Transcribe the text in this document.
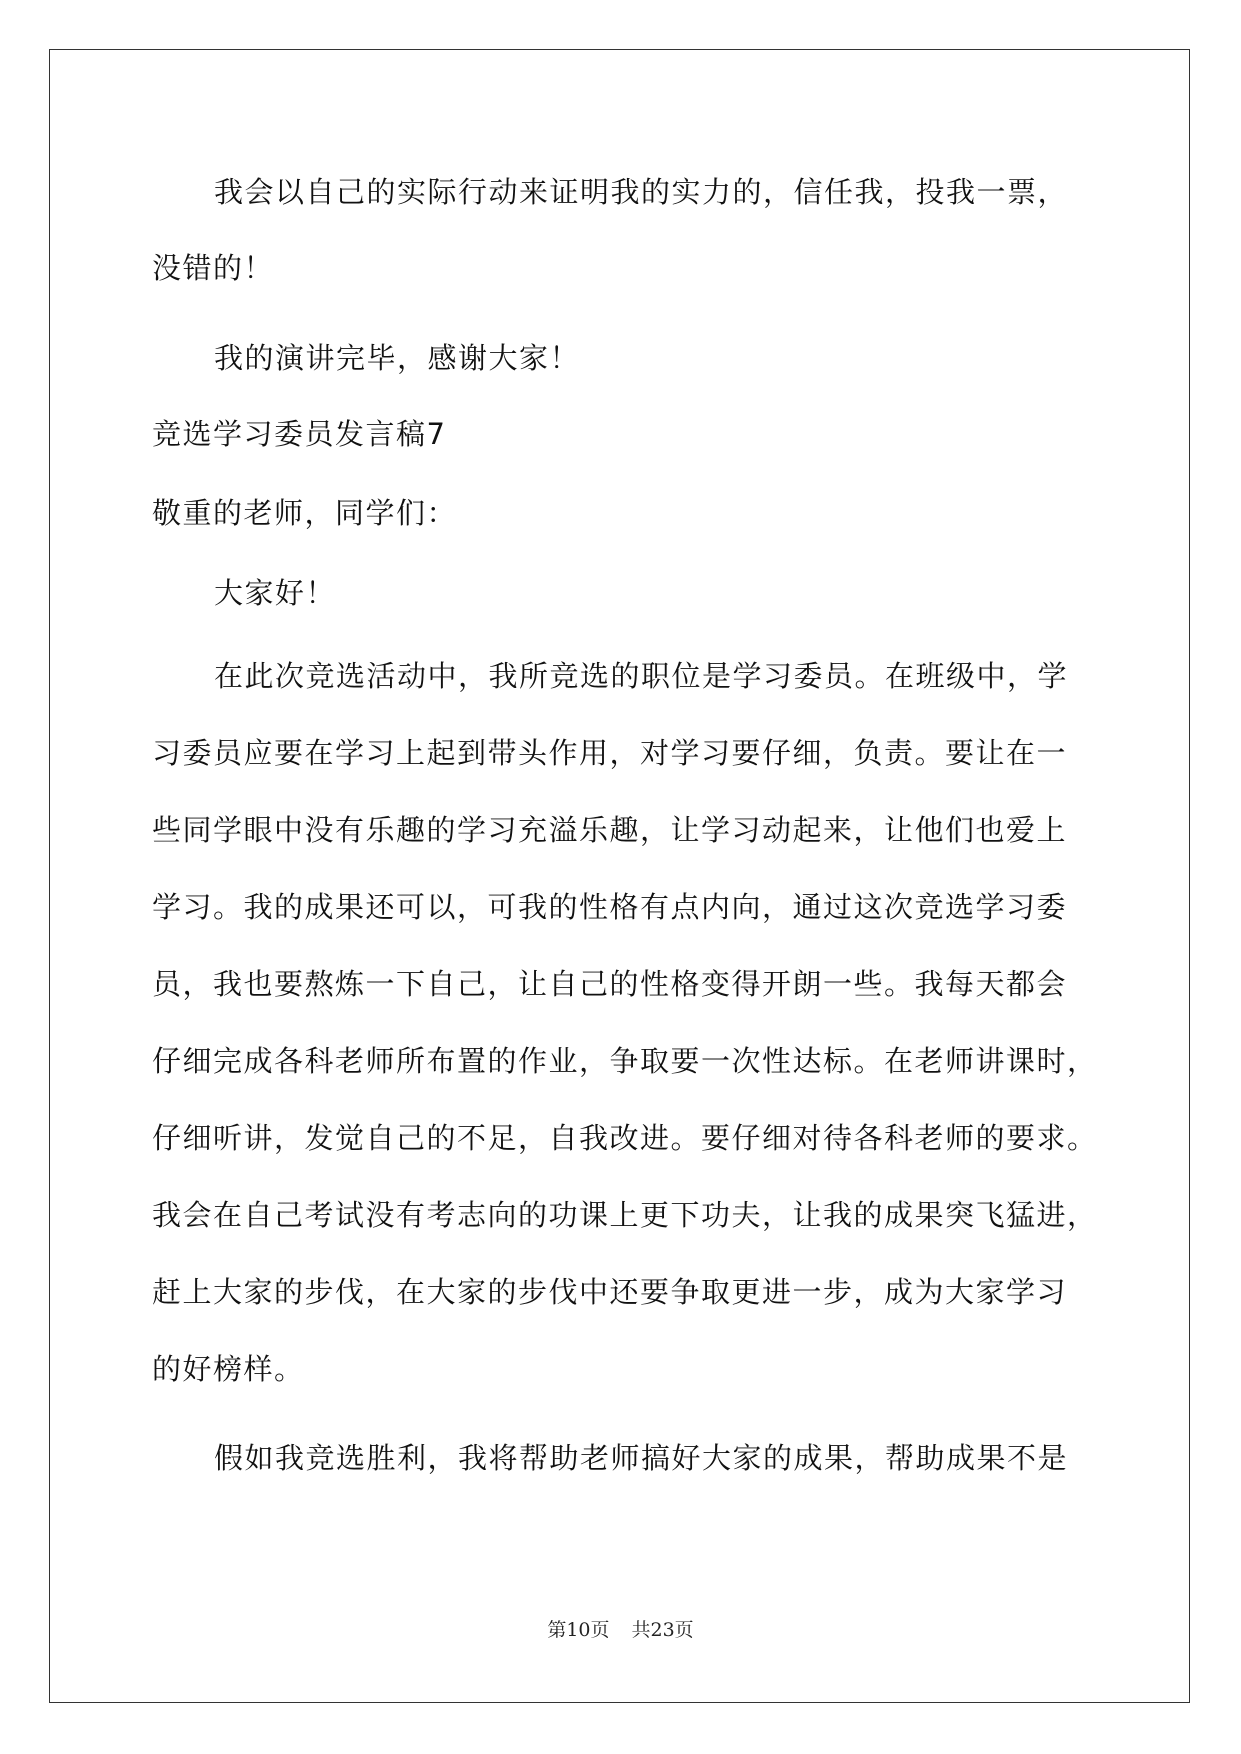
我会以自己的实际行动来证明我的实力的，信任我，投我一票，
没错的！
我的演讲完毕，感谢大家！
竞选学习委员发言稿7
敬重的老师，同学们：
大家好！
在此次竞选活动中，我所竞选的职位是学习委员。在班级中，学
习委员应要在学习上起到带头作用，对学习要仔细，负责。要让在一
些同学眼中没有乐趣的学习充溢乐趣，让学习动起来，让他们也爱上
学习。我的成果还可以，可我的性格有点内向，通过这次竞选学习委
员，我也要熬炼一下自己，让自己的性格变得开朗一些。我每天都会
仔细完成各科老师所布置的作业，争取要一次性达标。在老师讲课时，
仔细听讲，发觉自己的不足，自我改进。要仔细对待各科老师的要求。
我会在自己考试没有考志向的功课上更下功夫，让我的成果突飞猛进，
赶上大家的步伐，在大家的步伐中还要争取更进一步，成为大家学习
的好榜样。
假如我竞选胜利，我将帮助老师搞好大家的成果，帮助成果不是
第10页 共23页
